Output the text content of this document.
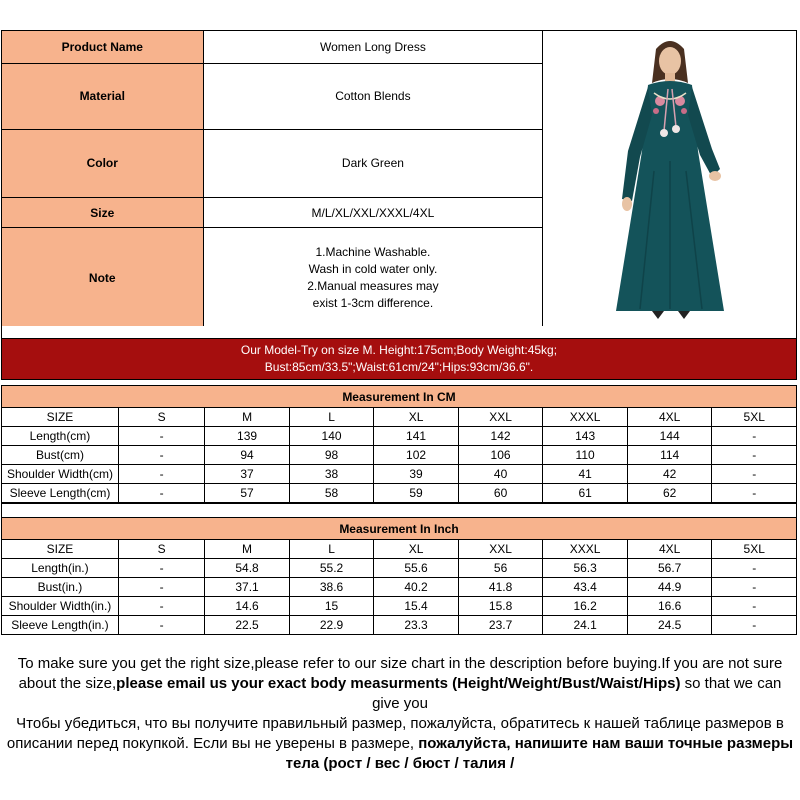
Product Name	Women Long Dress	
Material	Cotton Blends	
Color	Dark Green	
Size	M/L/XL/XXL/XXXL/4XL	
Note	1.Machine Washable.
Wash in cold water only.
2.Manual measures may
exist 1-3cm difference.	
Our Model-Try on size M. Height:175cm;Body Weight:45kg;
Bust:85cm/33.5";Waist:61cm/24";Hips:93cm/36.6".
Measurement In CM								
SIZE	S	M	L	XL	XXL	XXXL	4XL	5XL
Length(cm)	-	139	140	141	142	143	144	-
Bust(cm)	-	94	98	102	106	110	114	-
Shoulder Width(cm)	-	37	38	39	40	41	42	-
Sleeve Length(cm)	-	57	58	59	60	61	62	-
Measurement In Inch								
SIZE	S	M	L	XL	XXL	XXXL	4XL	5XL
Length(in.)	-	54.8	55.2	55.6	56	56.3	56.7	-
Bust(in.)	-	37.1	38.6	40.2	41.8	43.4	44.9	-
Shoulder Width(in.)	-	14.6	15	15.4	15.8	16.2	16.6	-
Sleeve Length(in.)	-	22.5	22.9	23.3	23.7	24.1	24.5	-
To make sure you get the right size,please refer to our size chart in the description before buying.If you are not sure about the size,please email us your exact body measurments (Height/Weight/Bust/Waist/Hips) so that we can give you
Чтобы убедиться, что вы получите правильный размер, пожалуйста, обратитесь к нашей таблице размеров в описании перед покупкой. Если вы не уверены в размере, пожалуйста, напишите нам ваши точные размеры тела (рост / вес / бюст / талия /
